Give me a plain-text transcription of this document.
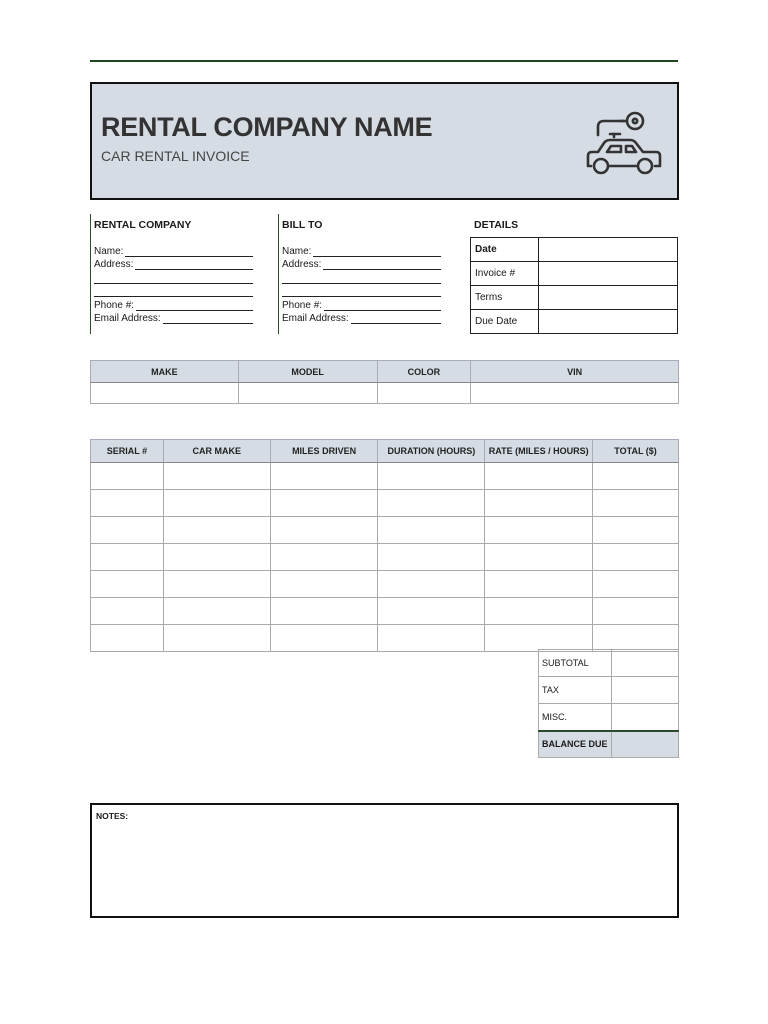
RENTAL COMPANY NAME
CAR RENTAL INVOICE
RENTAL COMPANY
Name:
Address:
Phone #:
Email Address:
BILL TO
Name:
Address:
Phone #:
Email Address:
DETAILS
Date	
Invoice #	
Terms	
Due Date	
MAKE	MODEL	COLOR	VIN

SERIAL #	CAR MAKE	MILES DRIVEN	DURATION (HOURS)	RATE (MILES / HOURS)	TOTAL ($)

SUBTOTAL	
TAX	
MISC.	
BALANCE DUE	
NOTES:
